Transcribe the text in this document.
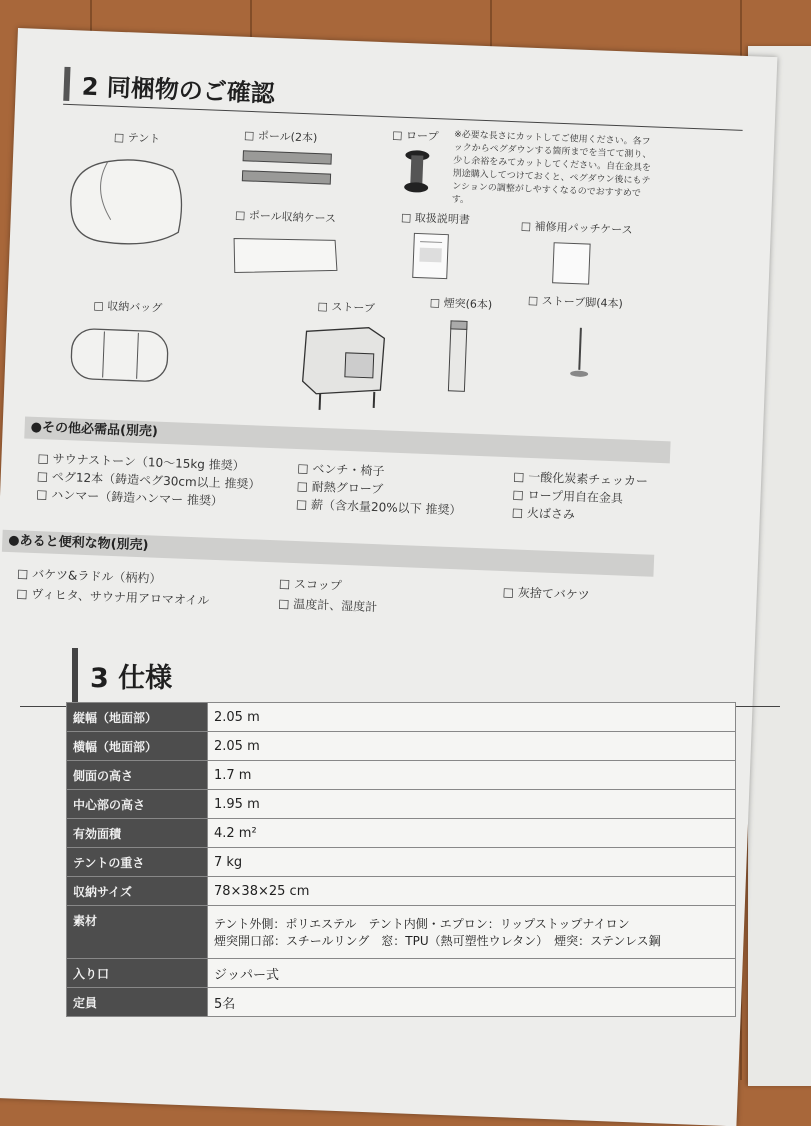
2 同梱物のご確認
□ テント	□ ポール(2本)	□ ロープ ※必要な長さにカットしてご使用ください。各フックからペグダウンする箇所までを当てて測り、少し余裕をみてカットしてください。自在金具を別途購入してつけておくと、ペグダウン後にもテンションの調整がしやすくなるのでおすすめです。
□ ポール収納ケース	□ 取扱説明書
□ 補修用パッチケース
□ 収納バッグ	□ ストーブ	□ 煙突(6本)	□ ストーブ脚(4本)
●その他必需品(別売)
□ サウナストーン（10～15kg 推奨）
□ ペグ12本（鋳造ペグ30cm以上 推奨）
□ ハンマー（鋳造ハンマー 推奨）
□ ベンチ・椅子
□ 耐熱グローブ
□ 薪（含水量20%以下 推奨）
□ 一酸化炭素チェッカー
□ ロープ用自在金具
□ 火ばさみ
●あると便利な物(別売)
□ バケツ&ラドル（柄杓）
□ ヴィヒタ、サウナ用アロマオイル
□ スコップ
□ 温度計、湿度計
□ 灰捨てバケツ
3 仕様
縦幅（地面部）	2.05 m
横幅（地面部）	2.05 m
側面の高さ	1.7 m
中心部の高さ	1.95 m
有効面積	4.2 m²
テントの重さ	7 kg
収納サイズ	78×38×25 cm
素材	テント外側：ポリエステル　テント内側・エプロン：リップストップナイロン
煙突開口部：スチールリング　窓：TPU（熱可塑性ウレタン）　煙突：ステンレス鋼

入り口	ジッパー式
定員	5名
